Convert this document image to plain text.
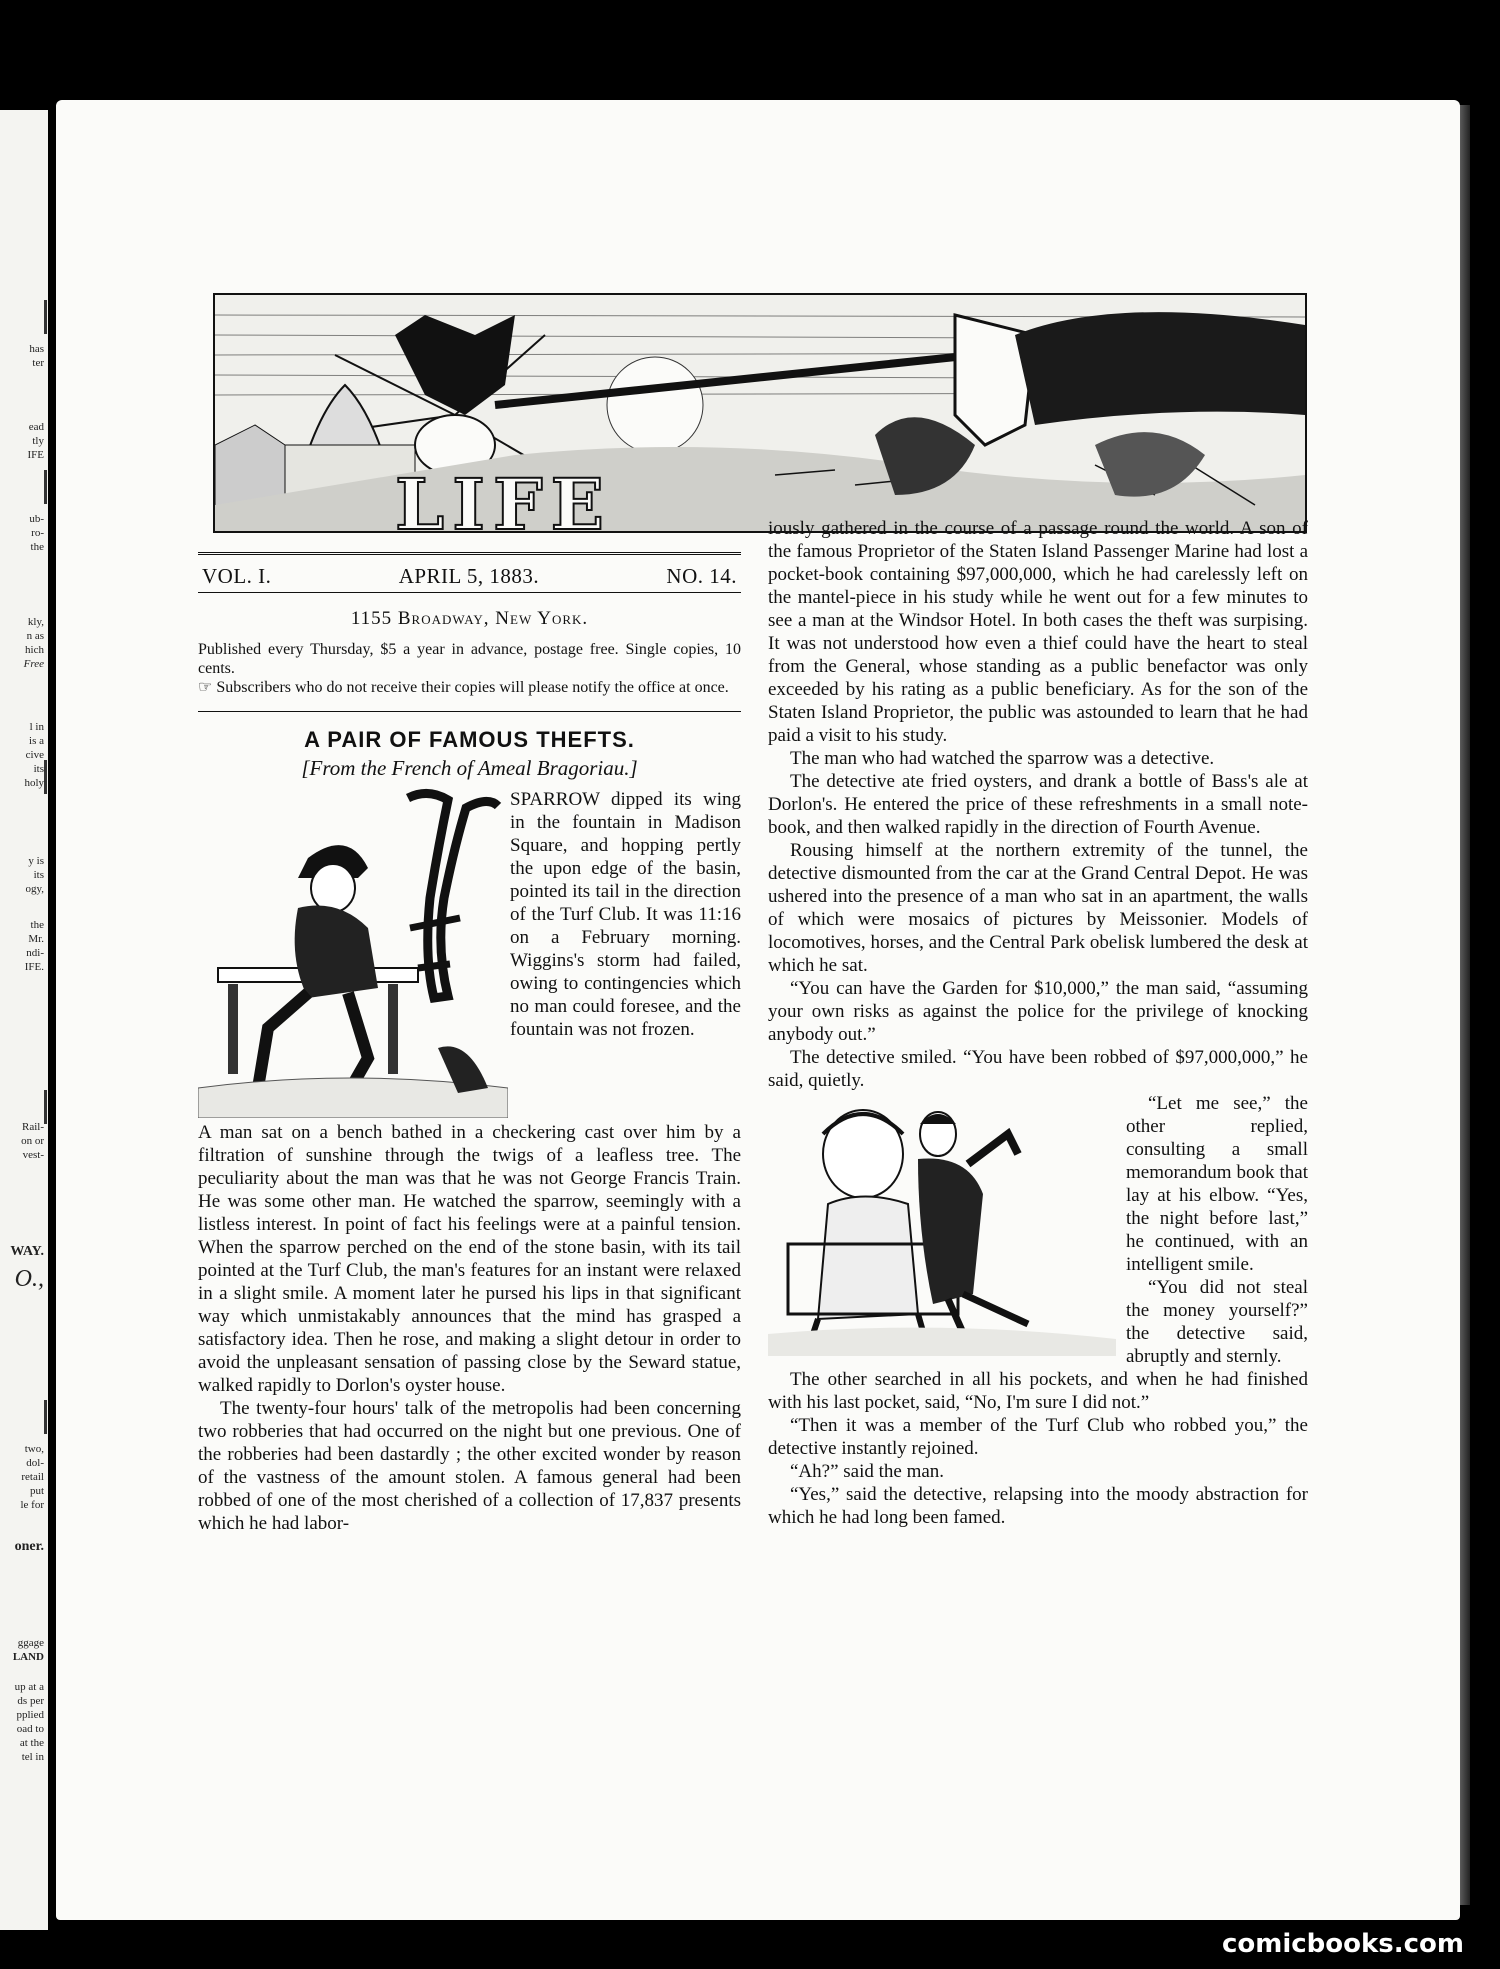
has
ter
ead
tly
IFE
ub-
ro-
the
kly,
n as
hich
Free
l in
is a
cive
its
holy
y is
its
ogy,
the
Mr.
ndi-
IFE.
Rail-
on or
vest-
WAY.
O.,
two,
dol-
retail
put
le for
oner.
ggage
LAND
up at a
ds per
pplied
oad to
at the
tel in
LIFE
VOL. I.	APRIL 5, 1883.	NO. 14.
1155 Broadway, New York.

Published every Thursday, $5 a year in advance, postage free. Single copies, 10 cents.

☞ Subscribers who do not receive their copies will please notify the office at once.

A PAIR OF FAMOUS THEFTS.
[From the French of Ameal Bragoriau.]

SPARROW dipped its wing in the fountain in Madison Square, and hopping pertly the upon edge of the basin, pointed its tail in the direction of the Turf Club. It was 11:16 on a February morning. Wiggins's storm had failed, owing to contingencies which no man could foresee, and the fountain was not frozen.

A man sat on a bench bathed in a checkering cast over him by a filtration of sunshine through the twigs of a leafless tree. The peculiarity about the man was that he was not George Francis Train. He was some other man. He watched the sparrow, seemingly with a listless interest. In point of fact his feelings were at a painful tension. When the sparrow perched on the end of the stone basin, with its tail pointed at the Turf Club, the man's features for an instant were relaxed in a slight smile. A moment later he pursed his lips in that significant way which unmistakably announces that the mind has grasped a satisfactory idea. Then he rose, and making a slight detour in order to avoid the unpleasant sensation of passing close by the Seward statue, walked rapidly to Dorlon's oyster house.

The twenty-four hours' talk of the metropolis had been concerning two robberies that had occurred on the night but one previous. One of the robberies had been dastardly ; the other excited wonder by reason of the vastness of the amount stolen. A famous general had been robbed of one of the most cherished of a collection of 17,837 presents which he had labor-

iously gathered in the course of a passage round the world. A son of the famous Proprietor of the Staten Island Passenger Marine had lost a pocket-book containing $97,000,000, which he had carelessly left on the mantel-piece in his study while he went out for a few minutes to see a man at the Windsor Hotel. In both cases the theft was surpising. It was not understood how even a thief could have the heart to steal from the General, whose standing as a public benefactor was only exceeded by his rating as a public beneficiary. As for the son of the Staten Island Proprietor, the public was astounded to learn that he had paid a visit to his study.

The man who had watched the sparrow was a detective.

The detective ate fried oysters, and drank a bottle of Bass's ale at Dorlon's. He entered the price of these refreshments in a small note-book, and then walked rapidly in the direction of Fourth Avenue.

Rousing himself at the northern extremity of the tunnel, the detective dismounted from the car at the Grand Central Depot. He was ushered into the presence of a man who sat in an apartment, the walls of which were mosaics of pictures by Meissonier. Models of locomotives, horses, and the Central Park obelisk lumbered the desk at which he sat.

“You can have the Garden for $10,000,” the man said, “assuming your own risks as against the police for the privilege of knocking anybody out.”

The detective smiled. “You have been robbed of $97,000,000,” he said, quietly.

“Let me see,” the other replied, consulting a small memorandum book that lay at his elbow. “Yes, the night before last,” he continued, with an intelligent smile.

“You did not steal the money yourself?” the detective said, abruptly and sternly.

The other searched in all his pockets, and when he had finished with his last pocket, said, “No, I'm sure I did not.”

“Then it was a member of the Turf Club who robbed you,” the detective instantly rejoined.

“Ah?” said the man.

“Yes,” said the detective, relapsing into the moody abstraction for which he had long been famed.

comicbooks.com
